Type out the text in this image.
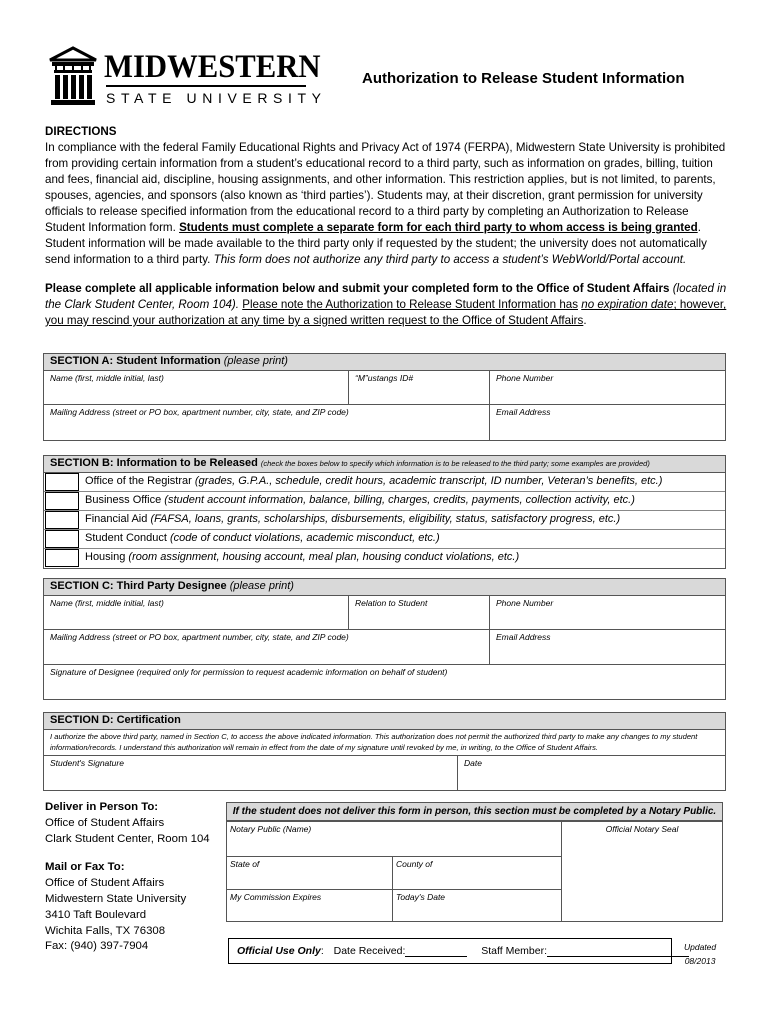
MIDWESTERN
STATE UNIVERSITY
Authorization to Release Student Information
DIRECTIONS
In compliance with the federal Family Educational Rights and Privacy Act of 1974 (FERPA), Midwestern State University is prohibited from providing certain information from a student’s educational record to a third party, such as information on grades, billing, tuition and fees, financial aid, discipline, housing assignments, and other information. This restriction applies, but is not limited, to parents, spouses, agencies, and sponsors (also known as ‘third parties’). Students may, at their discretion, grant permission for university officials to release specified information from the educational record to a third party by completing an Authorization to Release Student Information form. Students must complete a separate form for each third party to whom access is being granted. Student information will be made available to the third party only if requested by the student; the university does not automatically send information to a third party. This form does not authorize any third party to access a student’s WebWorld/Portal account.
Please complete all applicable information below and submit your completed form to the Office of Student Affairs (located in the Clark Student Center, Room 104). Please note the Authorization to Release Student Information has no expiration date; however, you may rescind your authorization at any time by a signed written request to the Office of Student Affairs.
SECTION A: Student Information (please print)
Name (first, middle initial, last)	“M”ustangs ID#	Phone Number
Mailing Address (street or PO box, apartment number, city, state, and ZIP code)	Email Address
SECTION B: Information to be Released (check the boxes below to specify which information is to be released to the third party; some examples are provided)
Office of the Registrar (grades, G.P.A., schedule, credit hours, academic transcript, ID number, Veteran’s benefits, etc.)
Business Office (student account information, balance, billing, charges, credits, payments, collection activity, etc.)
Financial Aid (FAFSA, loans, grants, scholarships, disbursements, eligibility, status, satisfactory progress, etc.)
Student Conduct (code of conduct violations, academic misconduct, etc.)
Housing (room assignment, housing account, meal plan, housing conduct violations, etc.)
SECTION C: Third Party Designee (please print)
Name (first, middle initial, last)	Relation to Student	Phone Number
Mailing Address (street or PO box, apartment number, city, state, and ZIP code)	Email Address
Signature of Designee (required only for permission to request academic information on behalf of student)
SECTION D: Certification
I authorize the above third party, named in Section C, to access the above indicated information. This authorization does not permit the authorized third party to make any changes to my student information/records. I understand this authorization will remain in effect from the date of my signature until revoked by me, in writing, to the Office of Student Affairs.
Student's Signature	Date
Deliver in Person To:
Office of Student Affairs
Clark Student Center, Room 104
Mail or Fax To:
Office of Student Affairs
Midwestern State University
3410 Taft Boulevard
Wichita Falls, TX 76308
Fax: (940) 397-7904
If the student does not deliver this form in person, this section must be completed by a Notary Public.
Notary Public (Name)	Official Notary Seal
State of	County of
My Commission Expires	Today's Date
Official Use Only: Date Received:	Staff Member:	Updated
08/2013
